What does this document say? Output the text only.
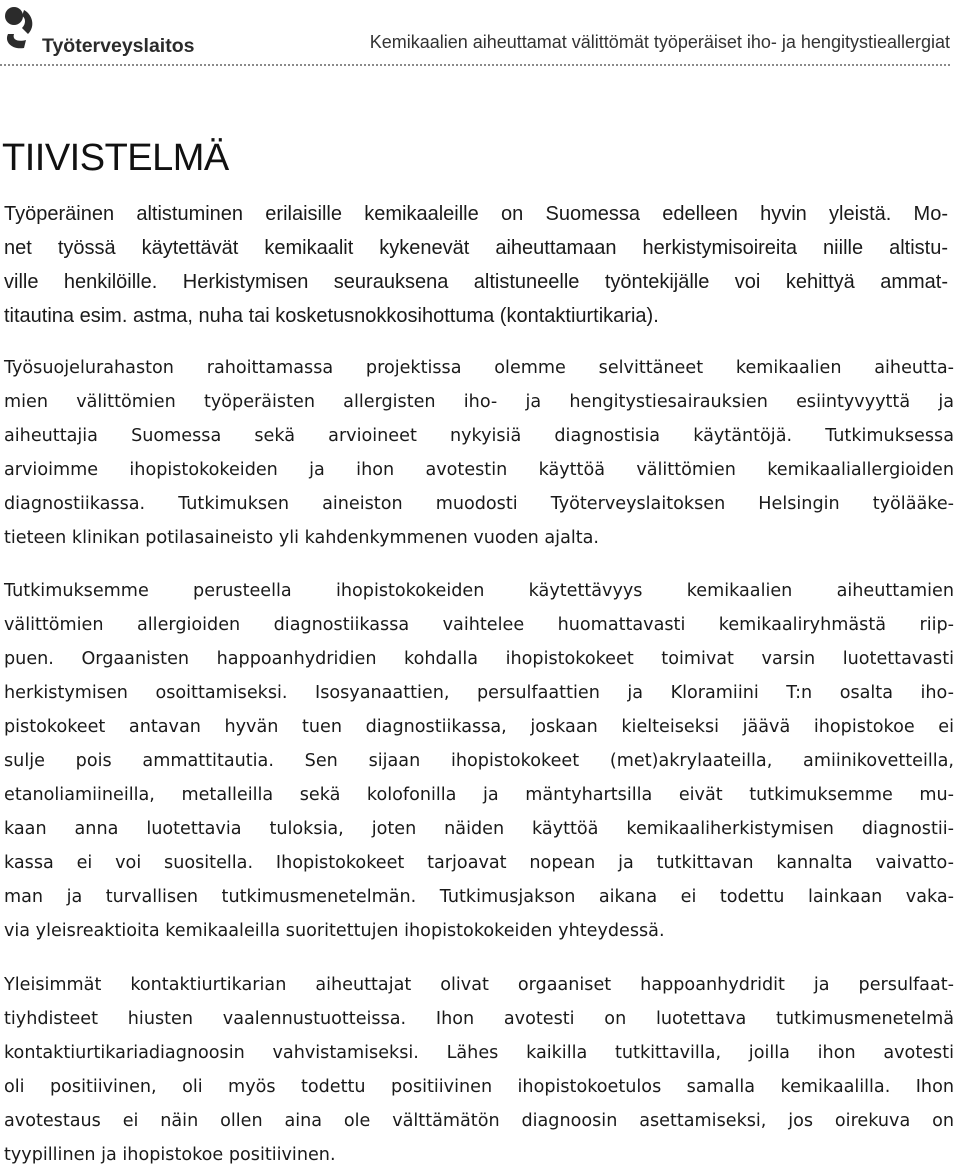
Työterveyslaitos	Kemikaalien aiheuttamat välittömät työperäiset iho- ja hengitystieallergiat
TIIVISTELMÄ
Työperäinen altistuminen erilaisille kemikaaleille on Suomessa edelleen hyvin yleistä. Mo-
net työssä käytettävät kemikaalit kykenevät aiheuttamaan herkistymisoireita niille altistu-
ville henkilöille. Herkistymisen seurauksena altistuneelle työntekijälle voi kehittyä ammat-
titautina esim. astma, nuha tai kosketusnokkosihottuma (kontaktiurtikaria).
Työsuojelurahaston rahoittamassa projektissa olemme selvittäneet kemikaalien aiheutta-
mien välittömien työperäisten allergisten iho- ja hengitystiesairauksien esiintyvyyttä ja
aiheuttajia Suomessa sekä arvioineet nykyisiä diagnostisia käytäntöjä. Tutkimuksessa
arvioimme ihopistokokeiden ja ihon avotestin käyttöä välittömien kemikaaliallergioiden
diagnostiikassa. Tutkimuksen aineiston muodosti Työterveyslaitoksen Helsingin työlääke-
tieteen klinikan potilasaineisto yli kahdenkymmenen vuoden ajalta.
Tutkimuksemme perusteella ihopistokokeiden käytettävyys kemikaalien aiheuttamien
välittömien allergioiden diagnostiikassa vaihtelee huomattavasti kemikaaliryhmästä riip-
puen. Orgaanisten happoanhydridien kohdalla ihopistokokeet toimivat varsin luotettavasti
herkistymisen osoittamiseksi. Isosyanaattien, persulfaattien ja Kloramiini T:n osalta iho-
pistokokeet antavan hyvän tuen diagnostiikassa, joskaan kielteiseksi jäävä ihopistokoe ei
sulje pois ammattitautia. Sen sijaan ihopistokokeet (met)akrylaateilla, amiinikovetteilla,
etanoliamiineilla, metalleilla sekä kolofonilla ja mäntyhartsilla eivät tutkimuksemme mu-
kaan anna luotettavia tuloksia, joten näiden käyttöä kemikaaliherkistymisen diagnostii-
kassa ei voi suositella. Ihopistokokeet tarjoavat nopean ja tutkittavan kannalta vaivatto-
man ja turvallisen tutkimusmenetelmän. Tutkimusjakson aikana ei todettu lainkaan vaka-
via yleisreaktioita kemikaaleilla suoritettujen ihopistokokeiden yhteydessä.
Yleisimmät kontaktiurtikarian aiheuttajat olivat orgaaniset happoanhydridit ja persulfaat-
tiyhdisteet hiusten vaalennustuotteissa. Ihon avotesti on luotettava tutkimusmenetelmä
kontaktiurtikariadiagnoosin vahvistamiseksi. Lähes kaikilla tutkittavilla, joilla ihon avotesti
oli positiivinen, oli myös todettu positiivinen ihopistokoetulos samalla kemikaalilla. Ihon
avotestaus ei näin ollen aina ole välttämätön diagnoosin asettamiseksi, jos oirekuva on
tyypillinen ja ihopistokoe positiivinen.
